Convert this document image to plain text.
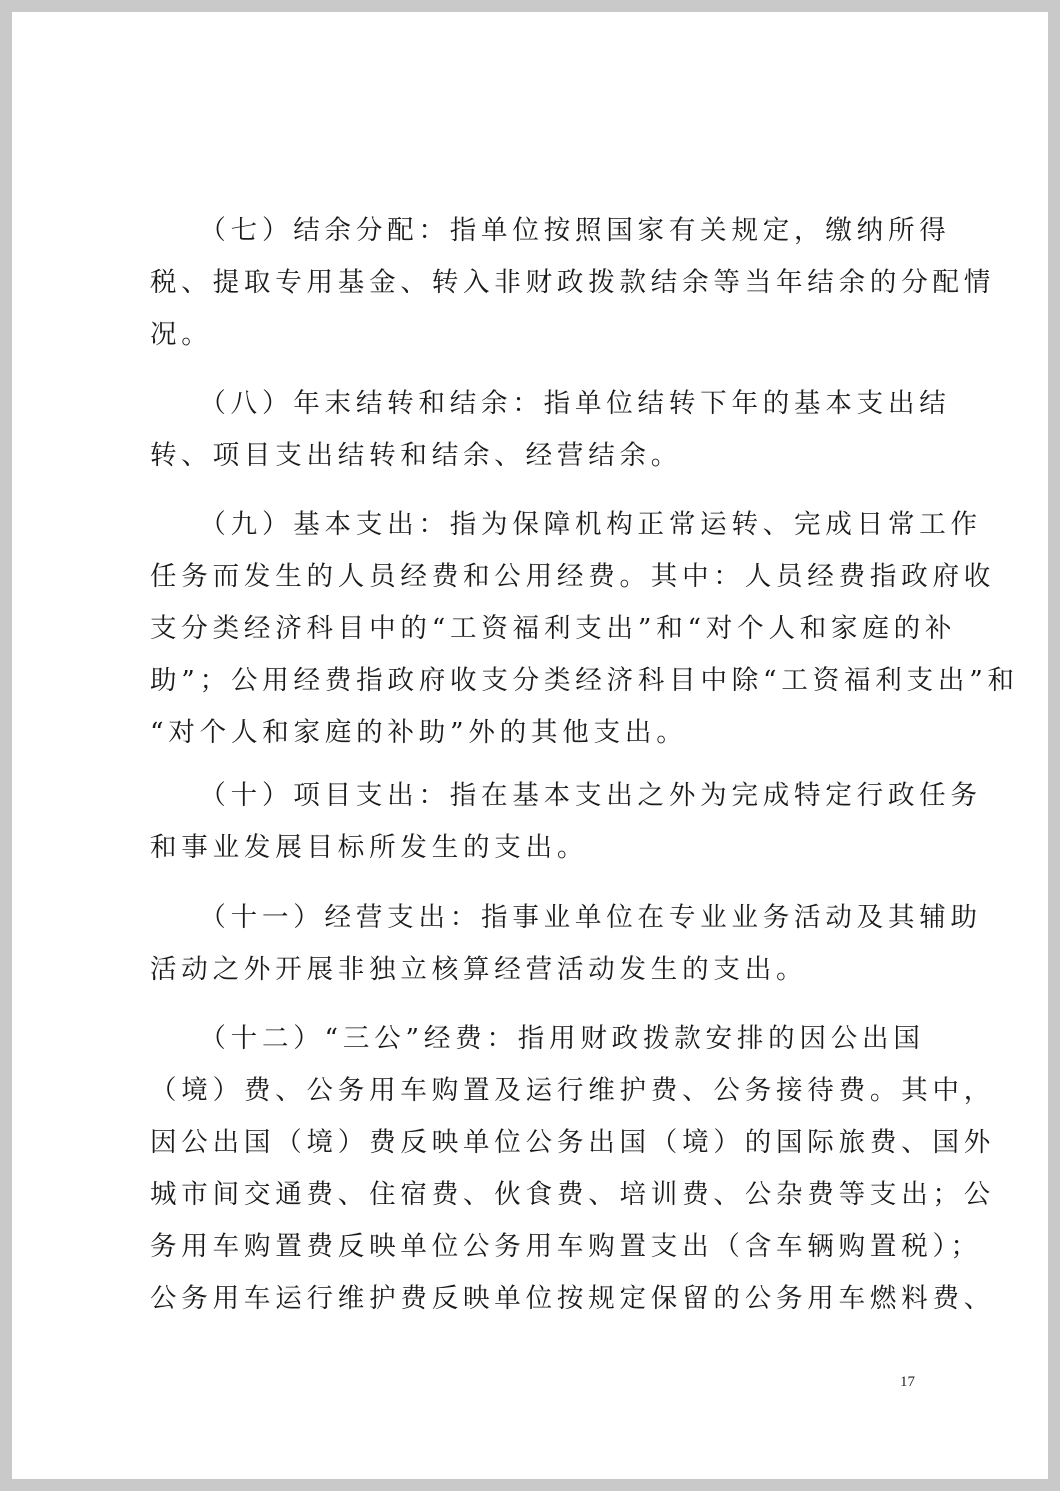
　　（七）结余分配：指单位按照国家有关规定，缴纳所得
税、提取专用基金、转入非财政拨款结余等当年结余的分配情
况。

　　（八）年末结转和结余：指单位结转下年的基本支出结
转、项目支出结转和结余、经营结余。

　　（九）基本支出：指为保障机构正常运转、完成日常工作
任务而发生的人员经费和公用经费。其中：人员经费指政府收
支分类经济科目中的“工资福利支出”和“对个人和家庭的补
助”；公用经费指政府收支分类经济科目中除“工资福利支出”和
“对个人和家庭的补助”外的其他支出。

　　（十）项目支出：指在基本支出之外为完成特定行政任务
和事业发展目标所发生的支出。

　　（十一）经营支出：指事业单位在专业业务活动及其辅助
活动之外开展非独立核算经营活动发生的支出。

　　（十二）“三公”经费：指用财政拨款安排的因公出国
（境）费、公务用车购置及运行维护费、公务接待费。其中，
因公出国（境）费反映单位公务出国（境）的国际旅费、国外
城市间交通费、住宿费、伙食费、培训费、公杂费等支出；公
务用车购置费反映单位公务用车购置支出（含车辆购置税）；
公务用车运行维护费反映单位按规定保留的公务用车燃料费、

17
